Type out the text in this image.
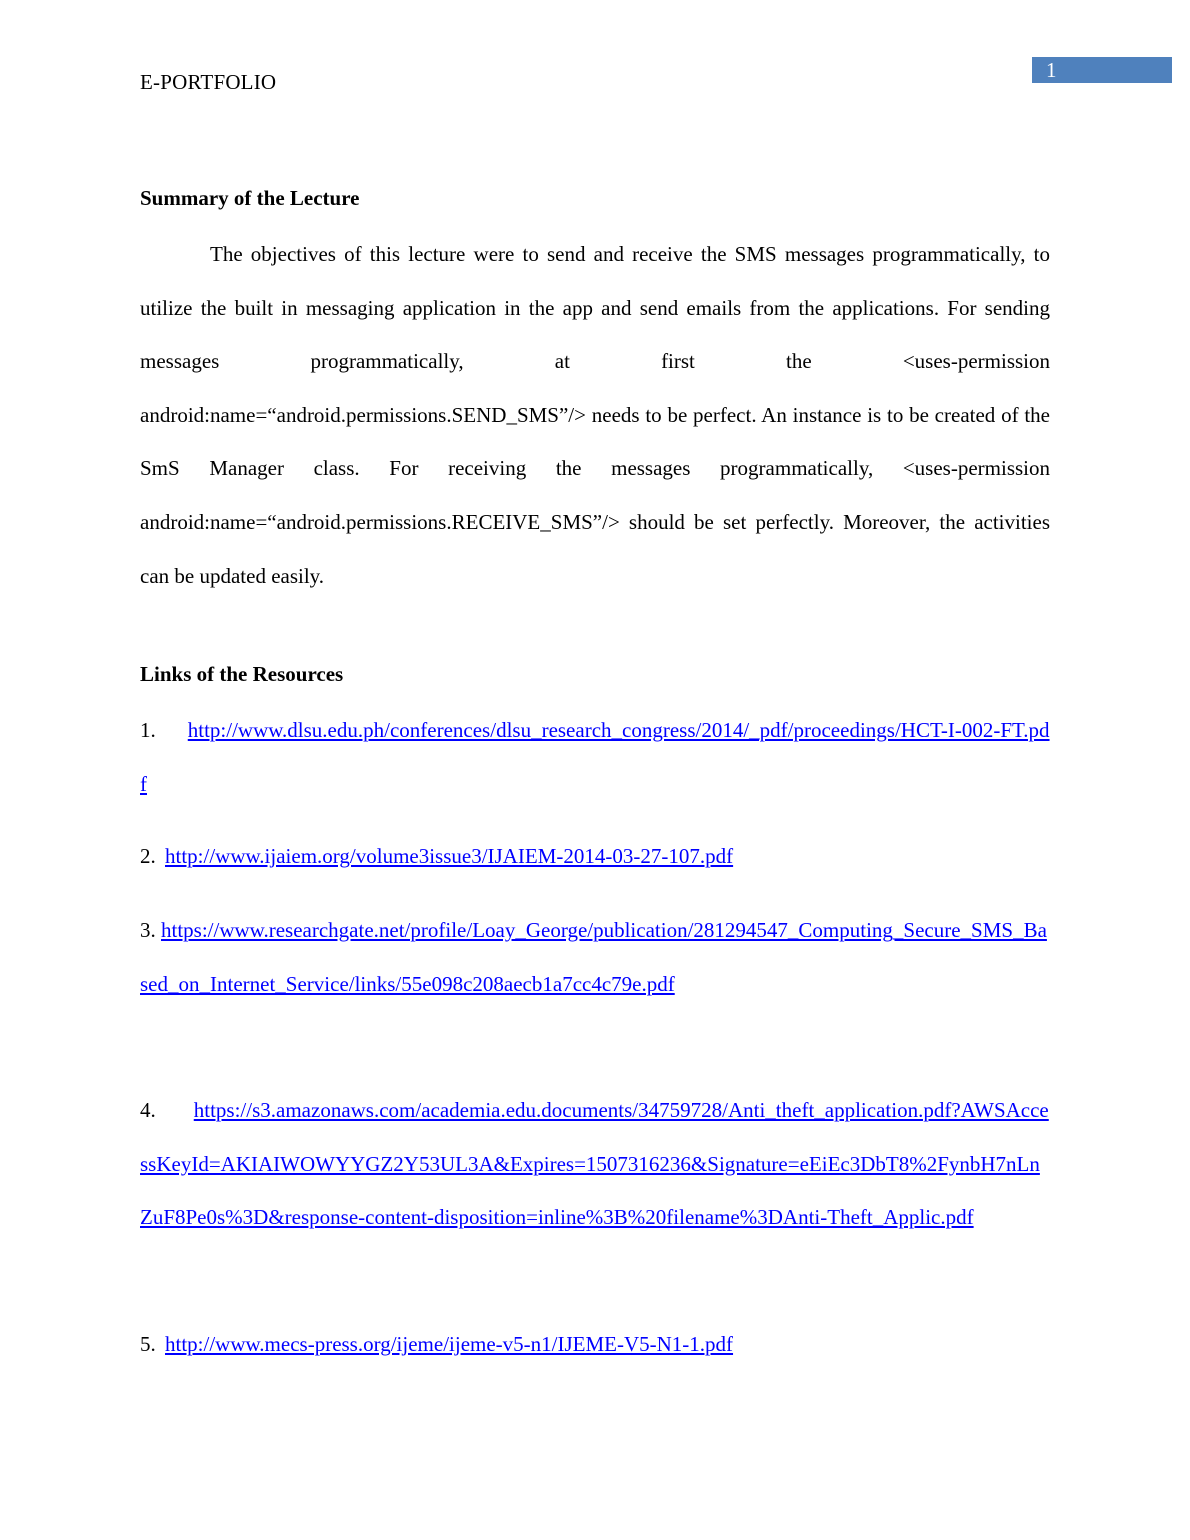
E-PORTFOLIO	1
Summary of the Lecture
The objectives of this lecture were to send and receive the SMS messages programmatically, to utilize the built in messaging application in the app and send emails from the applications. For sending messages programmatically, at first the <uses-permission android:name=“android.permissions.SEND_SMS”/> needs to be perfect. An instance is to be created of the SmS Manager class. For receiving the messages programmatically, <uses-permission android:name=“android.permissions.RECEIVE_SMS”/> should be set perfectly. Moreover, the activities can be updated easily.
Links of the Resources
1. http://www.dlsu.edu.ph/conferences/dlsu_research_congress/2014/_pdf/proceedings/HCT-I-002-FT.pdf
2. http://www.ijaiem.org/volume3issue3/IJAIEM-2014-03-27-107.pdf
3. https://www.researchgate.net/profile/Loay_George/publication/281294547_Computing_Secure_SMS_Based_on_Internet_Service/links/55e098c208aecb1a7cc4c79e.pdf
4. https://s3.amazonaws.com/academia.edu.documents/34759728/Anti_theft_application.pdf?AWSAccessKeyId=AKIAIWOWYYGZ2Y53UL3A&Expires=1507316236&Signature=eEiEc3DbT8%2FynbH7nLnZuF8Pe0s%3D&response-content-disposition=inline%3B%20filename%3DAnti-Theft_Applic.pdf
5. http://www.mecs-press.org/ijeme/ijeme-v5-n1/IJEME-V5-N1-1.pdf
